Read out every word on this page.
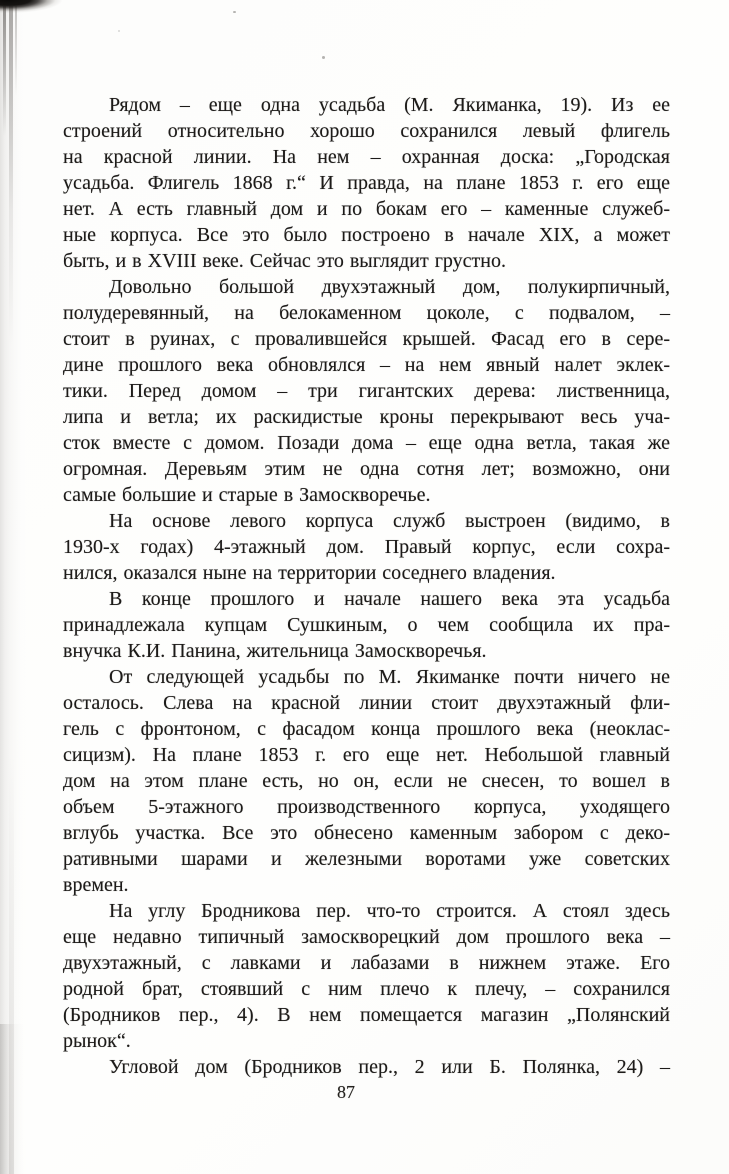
Рядом – еще одна усадьба (М. Якиманка, 19). Из ее
строений относительно хорошо сохранился левый флигель
на красной линии. На нем – охранная доска: „Городская
усадьба. Флигель 1868 г.“ И правда, на плане 1853 г. его еще
нет. А есть главный дом и по бокам его – каменные служеб-
ные корпуса. Все это было построено в начале XIX, а может
быть, и в XVIII веке. Сейчас это выглядит грустно.
Довольно большой двухэтажный дом, полукирпичный,
полудеревянный, на белокаменном цоколе, с подвалом, –
стоит в руинах, с провалившейся крышей. Фасад его в сере-
дине прошлого века обновлялся – на нем явный налет эклек-
тики. Перед домом – три гигантских дерева: лиственница,
липа и ветла; их раскидистые кроны перекрывают весь уча-
сток вместе с домом. Позади дома – еще одна ветла, такая же
огромная. Деревьям этим не одна сотня лет; возможно, они
самые большие и старые в Замоскворечье.
На основе левого корпуса служб выстроен (видимо, в
1930-х годах) 4-этажный дом. Правый корпус, если сохра-
нился, оказался ныне на территории соседнего владения.
В конце прошлого и начале нашего века эта усадьба
принадлежала купцам Сушкиным, о чем сообщила их пра-
внучка К.И. Панина, жительница Замоскворечья.
От следующей усадьбы по М. Якиманке почти ничего не
осталось. Слева на красной линии стоит двухэтажный фли-
гель с фронтоном, с фасадом конца прошлого века (неоклас-
сицизм). На плане 1853 г. его еще нет. Небольшой главный
дом на этом плане есть, но он, если не снесен, то вошел в
объем 5-этажного производственного корпуса, уходящего
вглубь участка. Все это обнесено каменным забором с деко-
ративными шарами и железными воротами уже советских
времен.
На углу Бродникова пер. что-то строится. А стоял здесь
еще недавно типичный замоскворецкий дом прошлого века –
двухэтажный, с лавками и лабазами в нижнем этаже. Его
родной брат, стоявший с ним плечо к плечу, – сохранился
(Бродников пер., 4). В нем помещается магазин „Полянский
рынок“.
Угловой дом (Бродников пер., 2 или Б. Полянка, 24) –
87
